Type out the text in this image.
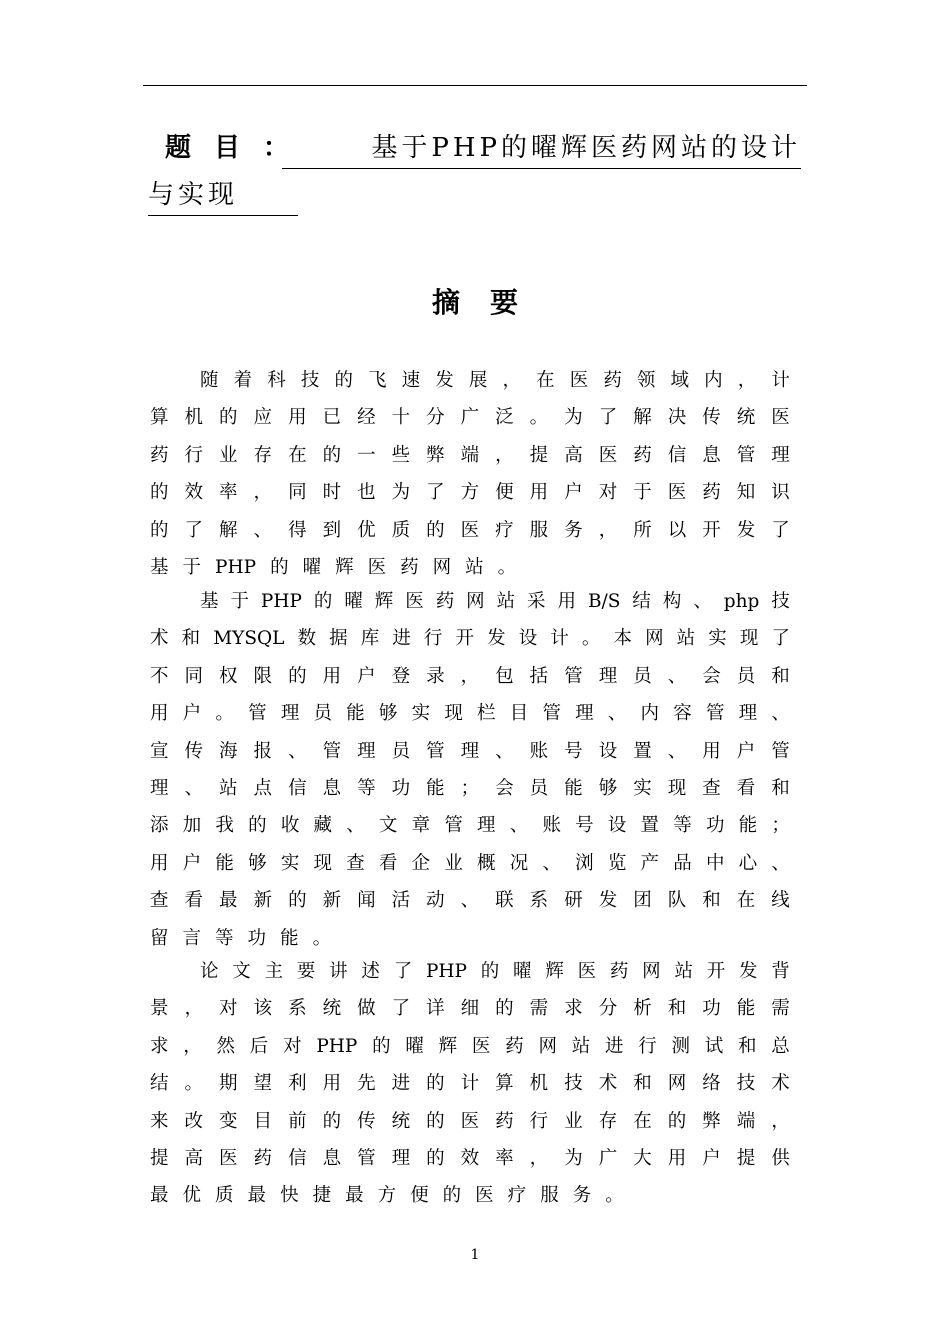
题目：	基于PHP的曜辉医药网站的设计
与实现
摘要
随 着 科 技 的 飞 速 发 展 ， 在 医 药 领 域 内 ， 计
算 机 的 应 用 已 经 十 分 广 泛 。 为 了 解 决 传 统 医
药 行 业 存 在 的 一 些 弊 端 ， 提 高 医 药 信 息 管 理
的 效 率 ， 同 时 也 为 了 方 便 用 户 对 于 医 药 知 识
的 了 解 、 得 到 优 质 的 医 疗 服 务 ， 所 以 开 发 了
基 于 PHP 的 曜 辉 医 药 网 站 。
基 于 PHP 的 曜 辉 医 药 网 站 采 用 B/S 结 构 、 php 技
术 和 MYSQL 数 据 库 进 行 开 发 设 计 。 本 网 站 实 现 了
不 同 权 限 的 用 户 登 录 ， 包 括 管 理 员 、 会 员 和
用 户 。 管 理 员 能 够 实 现 栏 目 管 理 、 内 容 管 理 、
宣 传 海 报 、 管 理 员 管 理 、 账 号 设 置 、 用 户 管
理 、 站 点 信 息 等 功 能 ； 会 员 能 够 实 现 查 看 和
添 加 我 的 收 藏 、 文 章 管 理 、 账 号 设 置 等 功 能 ；
用 户 能 够 实 现 查 看 企 业 概 况 、 浏 览 产 品 中 心 、
查 看 最 新 的 新 闻 活 动 、 联 系 研 发 团 队 和 在 线
留 言 等 功 能 。
论 文 主 要 讲 述 了 PHP 的 曜 辉 医 药 网 站 开 发 背
景 ， 对 该 系 统 做 了 详 细 的 需 求 分 析 和 功 能 需
求 ， 然 后 对 PHP 的 曜 辉 医 药 网 站 进 行 测 试 和 总
结 。 期 望 利 用 先 进 的 计 算 机 技 术 和 网 络 技 术
来 改 变 目 前 的 传 统 的 医 药 行 业 存 在 的 弊 端 ，
提 高 医 药 信 息 管 理 的 效 率 ， 为 广 大 用 户 提 供
最 优 质 最 快 捷 最 方 便 的 医 疗 服 务 。
1
